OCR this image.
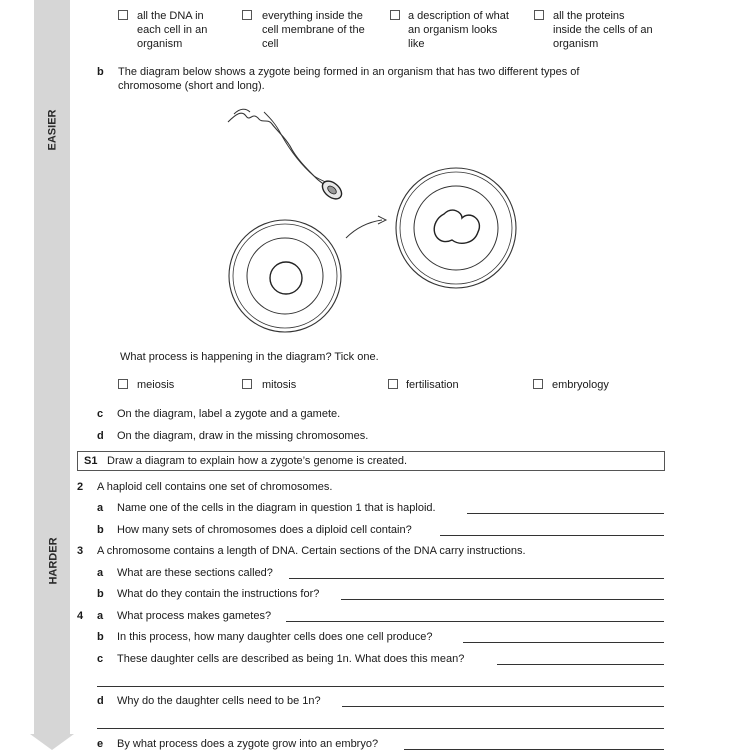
EASIER
HARDER
all the DNA in
each cell in an
organism
everything inside the
cell membrane of the
cell
a description of what
an organism looks
like
all the proteins
inside the cells of an
organism
b The diagram below shows a zygote being formed in an organism that has two different types of
chromosome (short and long).
What process is happening in the diagram? Tick one.
meiosis	mitosis	fertilisation	embryology
c On the diagram, label a zygote and a gamete.
d On the diagram, draw in the missing chromosomes.
S1 Draw a diagram to explain how a zygote’s genome is created.
2 A haploid cell contains one set of chromosomes.
a Name one of the cells in the diagram in question 1 that is haploid.
b How many sets of chromosomes does a diploid cell contain?
3 A chromosome contains a length of DNA. Certain sections of the DNA carry instructions.
a What are these sections called?
b What do they contain the instructions for?
4 a What process makes gametes?
b In this process, how many daughter cells does one cell produce?
c These daughter cells are described as being 1n. What does this mean?
d Why do the daughter cells need to be 1n?
e By what process does a zygote grow into an embryo?
